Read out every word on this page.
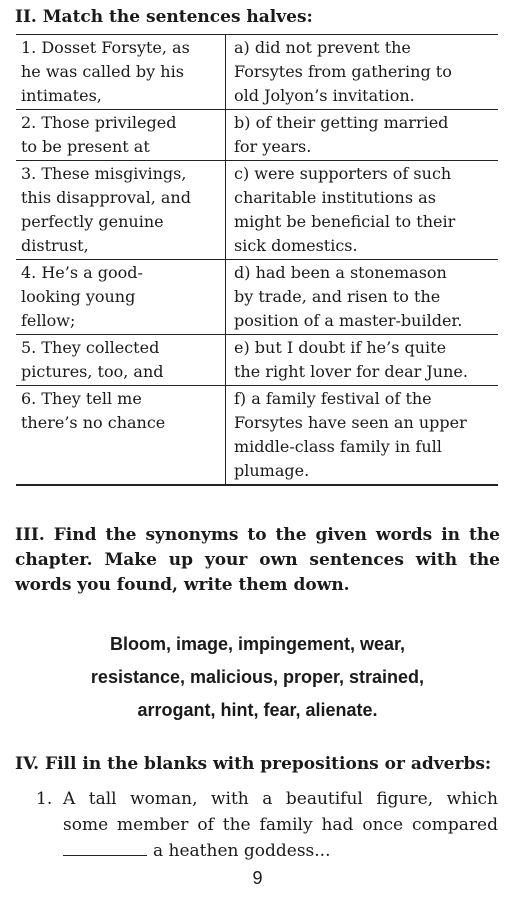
II. Match the sentences halves:

1. Dosset Forsyte, as
he was called by his
intimates,	a) did not prevent the
Forsytes from gathering to
old Jolyon’s invitation.

2. Those privileged
to be present at	b) of their getting married
for years.

3. These misgivings,
this disapproval, and
perfectly genuine
distrust,	c) were supporters of such
charitable institutions as
might be beneficial to their
sick domestics.

4. He’s a good-
looking young
fellow;	d) had been a stonemason
by trade, and risen to the
position of a master-builder.

5. They collected
pictures, too, and	e) but I doubt if he’s quite
the right lover for dear June.

6. They tell me
there’s no chance	f) a family festival of the
Forsytes have seen an upper
middle-class family in full
plumage.

III. Find the synonyms to the given words in the chapter. Make up your own sentences with the words you found, write them down.

Bloom, image, impingement, wear,
resistance, malicious, proper, strained,
arrogant, hint, fear, alienate.

IV. Fill in the blanks with prepositions or adverbs:

1. A tall woman, with a beautiful figure, which
some member of the family had once compared
a heathen goddess...
9
